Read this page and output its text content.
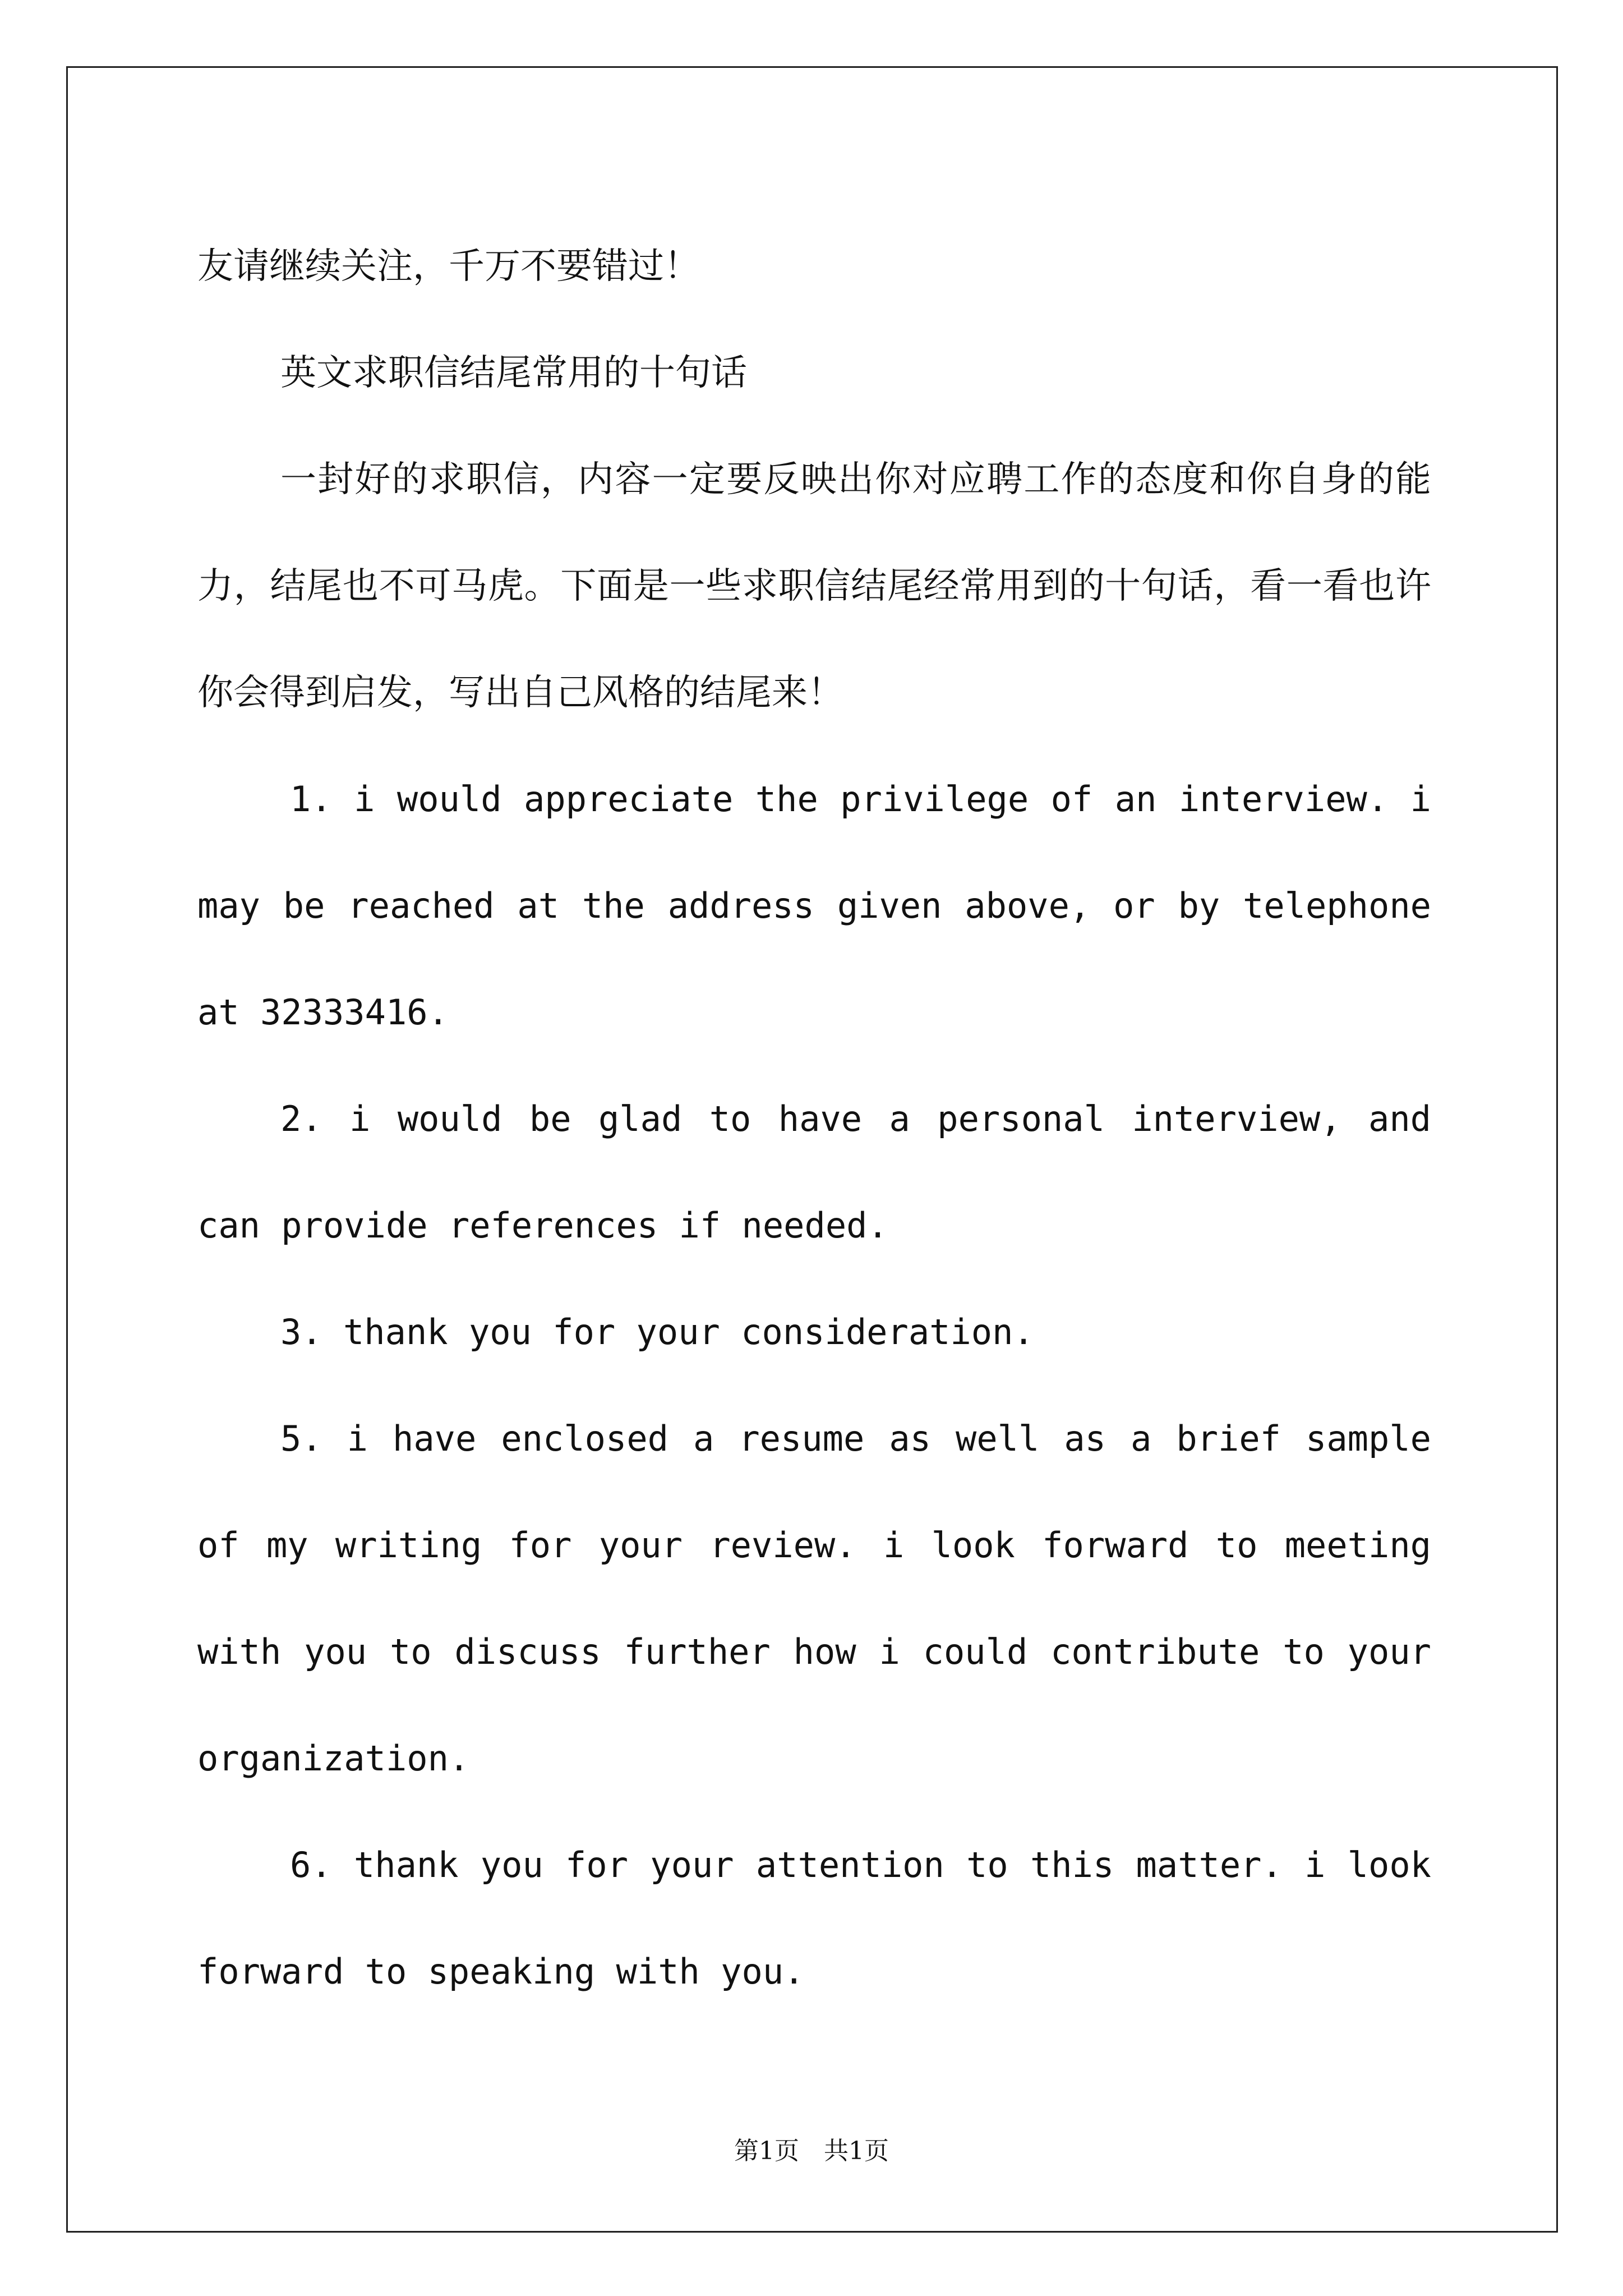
友请继续关注，千万不要错过！

英文求职信结尾常用的十句话

一封好的求职信，内容一定要反映出你对应聘工作的态度和你自身的能力，结尾也不可马虎。下面是一些求职信结尾经常用到的十句话，看一看也许你会得到启发，写出自己风格的结尾来！

1. i would appreciate the privilege of an interview. i may be reached at the address given above, or by telephone at 32333416.

2. i would be glad to have a personal interview, and can provide references if needed.

3. thank you for your consideration.

5. i have enclosed a resume as well as a brief sample of my writing for your review. i look forward to meeting with you to discuss further how i could contribute to your organization.

6. thank you for your attention to this matter. i look forward to speaking with you.

第1页 共1页
